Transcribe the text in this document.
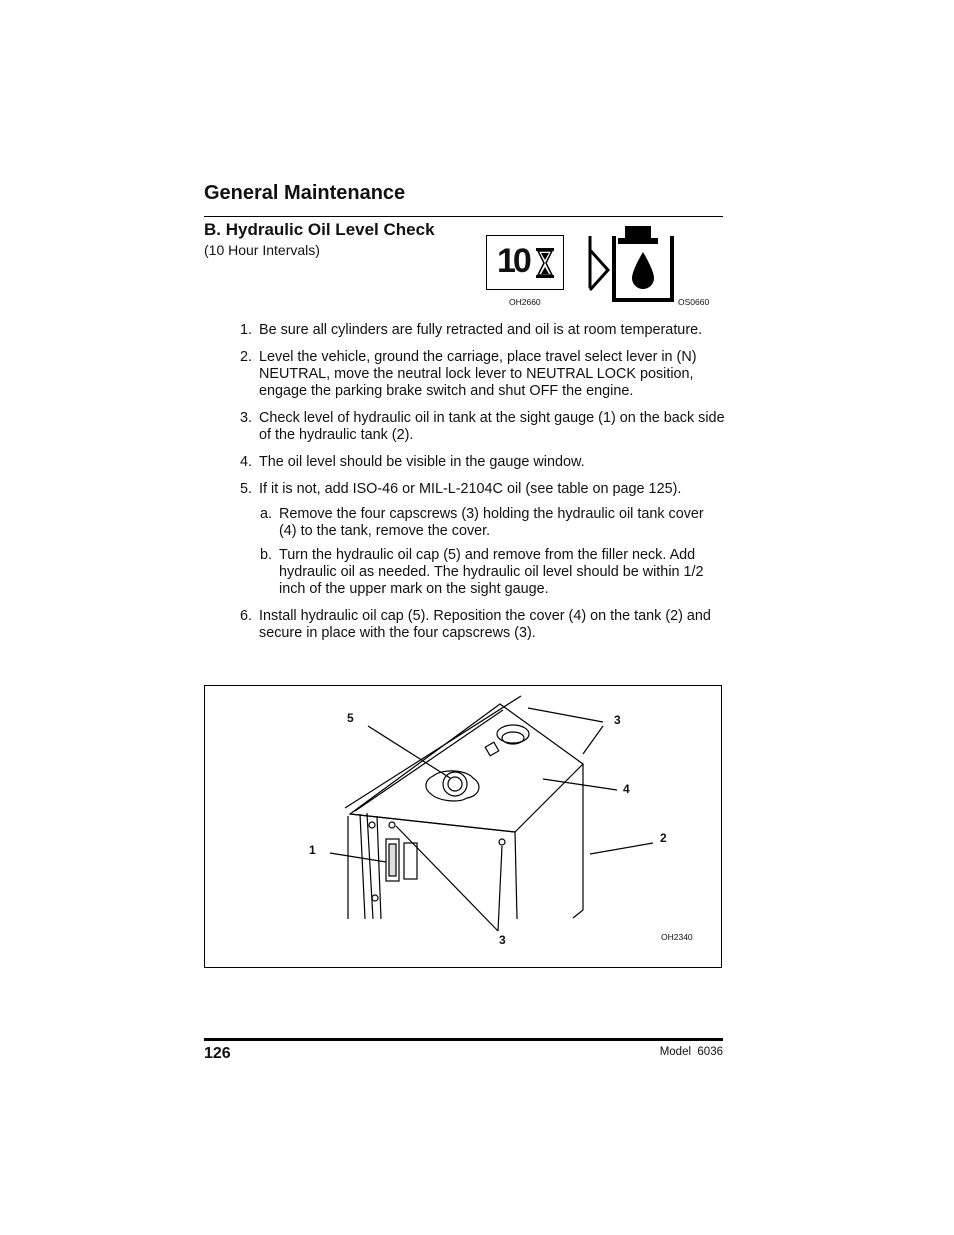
General Maintenance
B. Hydraulic Oil Level Check
(10 Hour Intervals)	10
OH2660	OS0660
1. Be sure all cylinders are fully retracted and oil is at room temperature.
2. Level the vehicle, ground the carriage, place travel select lever in (N) NEUTRAL, move the neutral lock lever to NEUTRAL LOCK position, engage the parking brake switch and shut OFF the engine.
3. Check level of hydraulic oil in tank at the sight gauge (1) on the back side of the hydraulic tank (2).
4. The oil level should be visible in the gauge window.
5. If it is not, add ISO-46 or MIL-L-2104C oil (see table on page 125).
a. Remove the four capscrews (3) holding the hydraulic oil tank cover (4) to the tank, remove the cover.
b. Turn the hydraulic oil cap (5) and remove from the filler neck. Add hydraulic oil as needed. The hydraulic oil level should be within 1/2 inch of the upper mark on the sight gauge.
6. Install hydraulic oil cap (5). Reposition the cover (4) on the tank (2) and secure in place with the four capscrews (3).
5	3
4
2
1
3	OH2340
126	Model  6036
